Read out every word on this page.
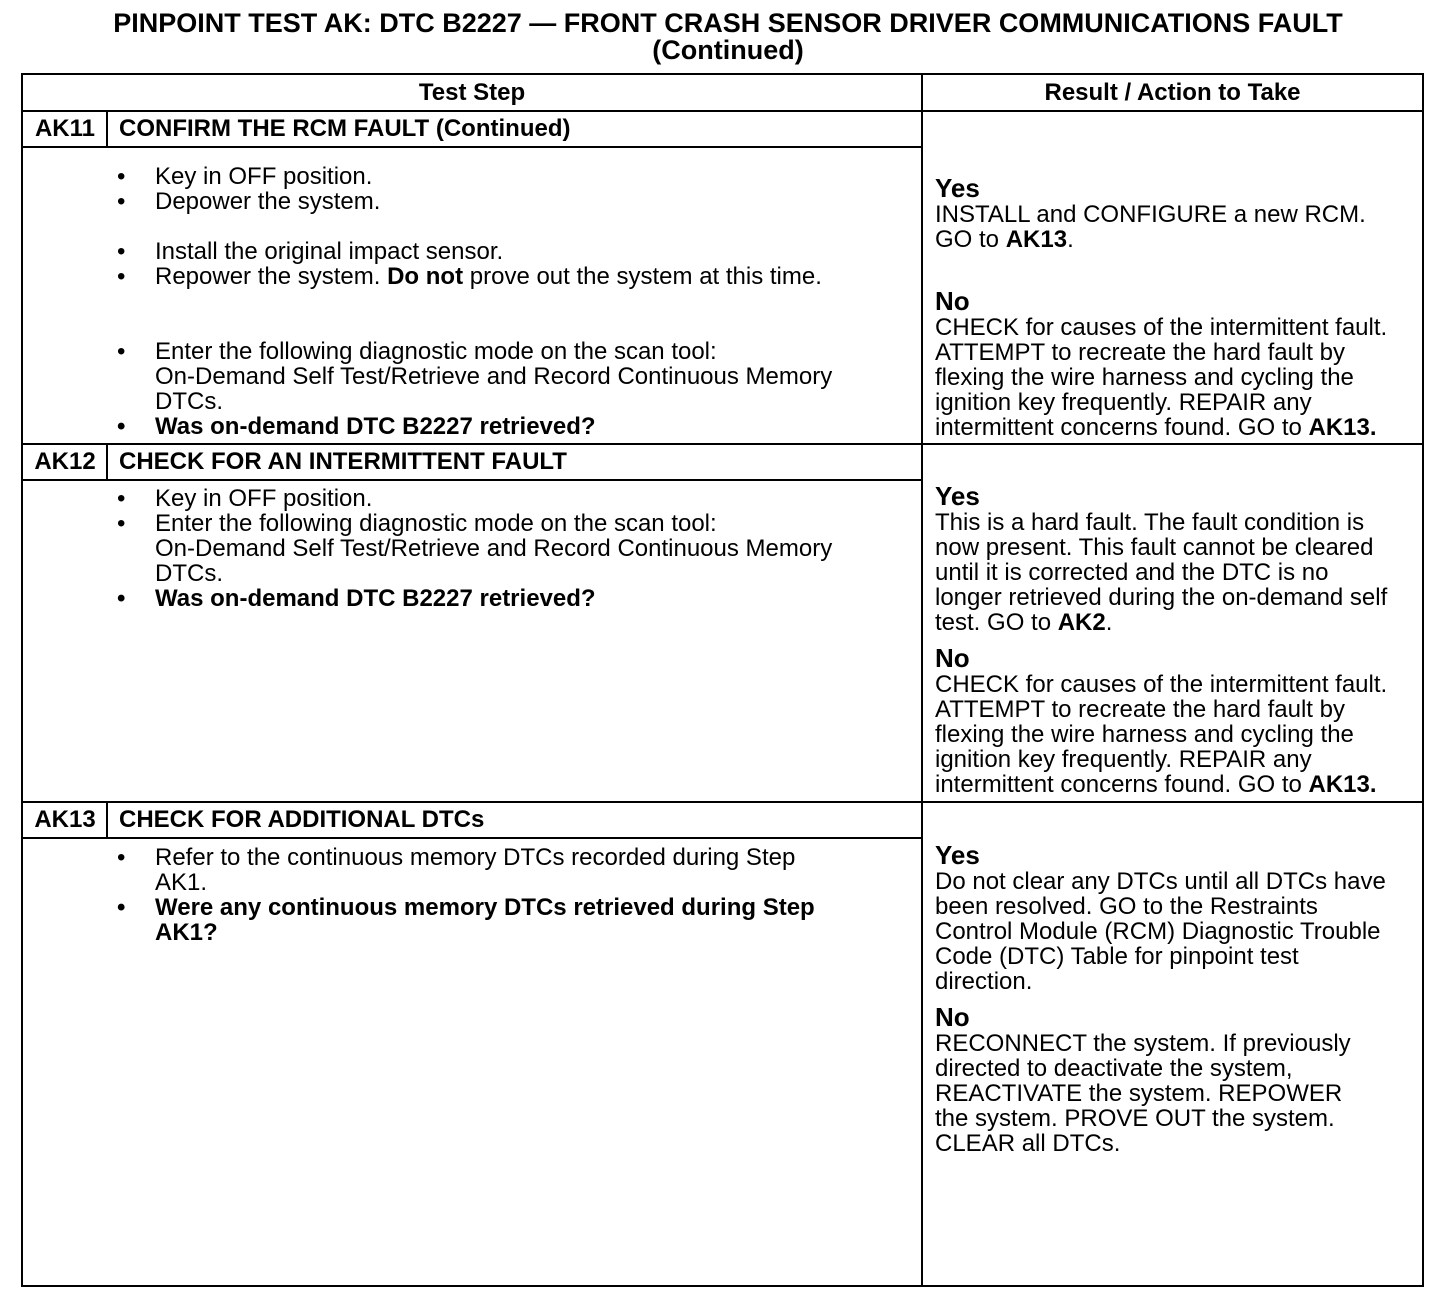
PINPOINT TEST AK: DTC B2227 — FRONT CRASH SENSOR DRIVER COMMUNICATIONS FAULT
(Continued)
Test Step	Result / Action to Take
AK11 CONFIRM THE RCM FAULT (Continued)
• Key in OFF position.
• Depower the system.
• Install the original impact sensor.
• Repower the system. Do not prove out the system at this time.
• Enter the following diagnostic mode on the scan tool:
On-Demand Self Test/Retrieve and Record Continuous Memory
DTCs.
• Was on-demand DTC B2227 retrieved?
Yes
INSTALL and CONFIGURE a new RCM.
GO to AK13.
No
CHECK for causes of the intermittent fault.
ATTEMPT to recreate the hard fault by
flexing the wire harness and cycling the
ignition key frequently. REPAIR any
intermittent concerns found. GO to AK13.
AK12 CHECK FOR AN INTERMITTENT FAULT
• Key in OFF position.
• Enter the following diagnostic mode on the scan tool:
On-Demand Self Test/Retrieve and Record Continuous Memory
DTCs.
• Was on-demand DTC B2227 retrieved?
Yes
This is a hard fault. The fault condition is
now present. This fault cannot be cleared
until it is corrected and the DTC is no
longer retrieved during the on-demand self
test. GO to AK2.
No
CHECK for causes of the intermittent fault.
ATTEMPT to recreate the hard fault by
flexing the wire harness and cycling the
ignition key frequently. REPAIR any
intermittent concerns found. GO to AK13.
AK13 CHECK FOR ADDITIONAL DTCs
• Refer to the continuous memory DTCs recorded during Step
AK1.
• Were any continuous memory DTCs retrieved during Step
AK1?
Yes
Do not clear any DTCs until all DTCs have
been resolved. GO to the Restraints
Control Module (RCM) Diagnostic Trouble
Code (DTC) Table for pinpoint test
direction.
No
RECONNECT the system. If previously
directed to deactivate the system,
REACTIVATE the system. REPOWER
the system. PROVE OUT the system.
CLEAR all DTCs.
